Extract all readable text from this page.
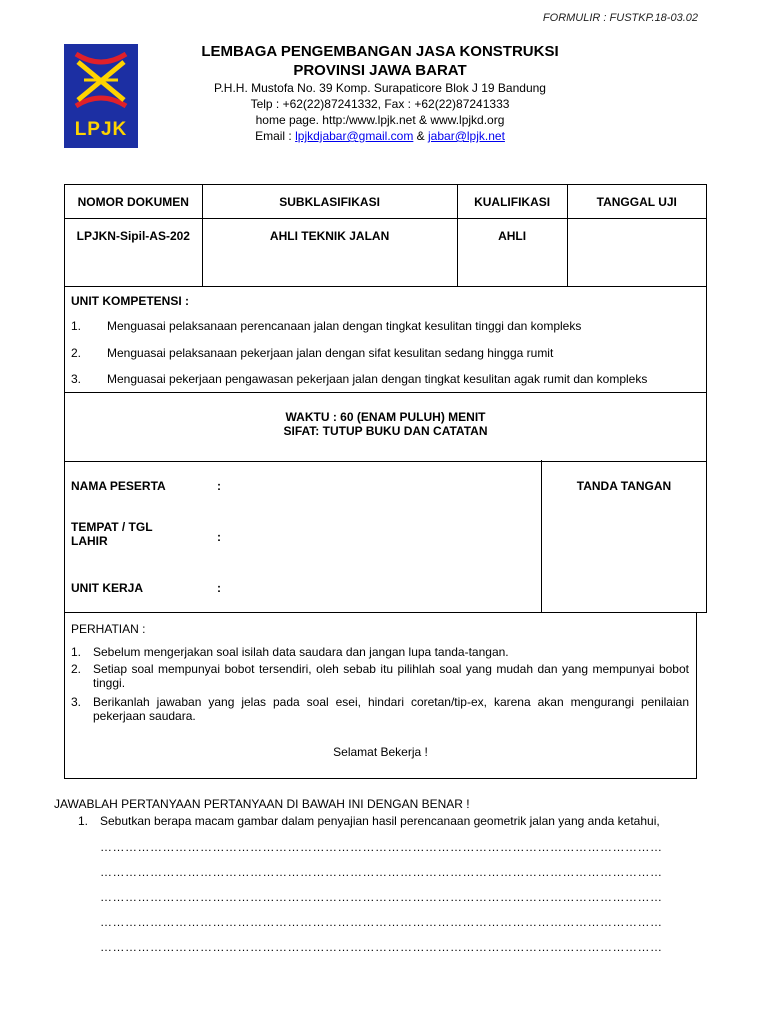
FORMULIR : FUSTKP.18-03.02
LPJK
LEMBAGA PENGEMBANGAN JASA KONSTRUKSI
PROVINSI JAWA BARAT
P.H.H. Mustofa No. 39 Komp. Surapaticore Blok J 19 Bandung
Telp : +62(22)87241332, Fax : +62(22)87241333
home page. http:/www.lpjk.net & www.lpjkd.org
Email : lpjkdjabar@gmail.com & jabar@lpjk.net
NOMOR DOKUMEN	SUBKLASIFIKASI	KUALIFIKASI	TANGGAL UJI
LPJKN-Sipil-AS-202	AHLI TEKNIK JALAN	AHLI	
UNIT KOMPETENSI :
1. Menguasai pelaksanaan perencanaan jalan dengan tingkat kesulitan tinggi dan kompleks
2. Menguasai pelaksanaan pekerjaan jalan dengan sifat kesulitan sedang hingga rumit
3. Menguasai pekerjaan pengawasan pekerjaan jalan dengan tingkat kesulitan agak rumit dan kompleks
WAKTU : 60 (ENAM PULUH) MENIT
SIFAT: TUTUP BUKU DAN CATATAN
NAMA PESERTA	:
TEMPAT / TGL LAHIR	:
UNIT KERJA	:
TANDA TANGAN
PERHATIAN :
1. Sebelum mengerjakan soal isilah data saudara dan jangan lupa tanda-tangan.
2. Setiap soal mempunyai bobot tersendiri, oleh sebab itu pilihlah soal yang mudah dan yang mempunyai bobot tinggi.
3. Berikanlah jawaban yang jelas pada soal esei, hindari coretan/tip-ex, karena akan mengurangi penilaian pekerjaan saudara.
Selamat Bekerja !
JAWABLAH PERTANYAAN PERTANYAAN DI BAWAH INI DENGAN BENAR !
1. Sebutkan berapa macam gambar dalam penyajian hasil perencanaan geometrik jalan yang anda ketahui,
………………………………………………………………………………………………………………………
………………………………………………………………………………………………………………………
………………………………………………………………………………………………………………………
………………………………………………………………………………………………………………………
………………………………………………………………………………………………………………………
